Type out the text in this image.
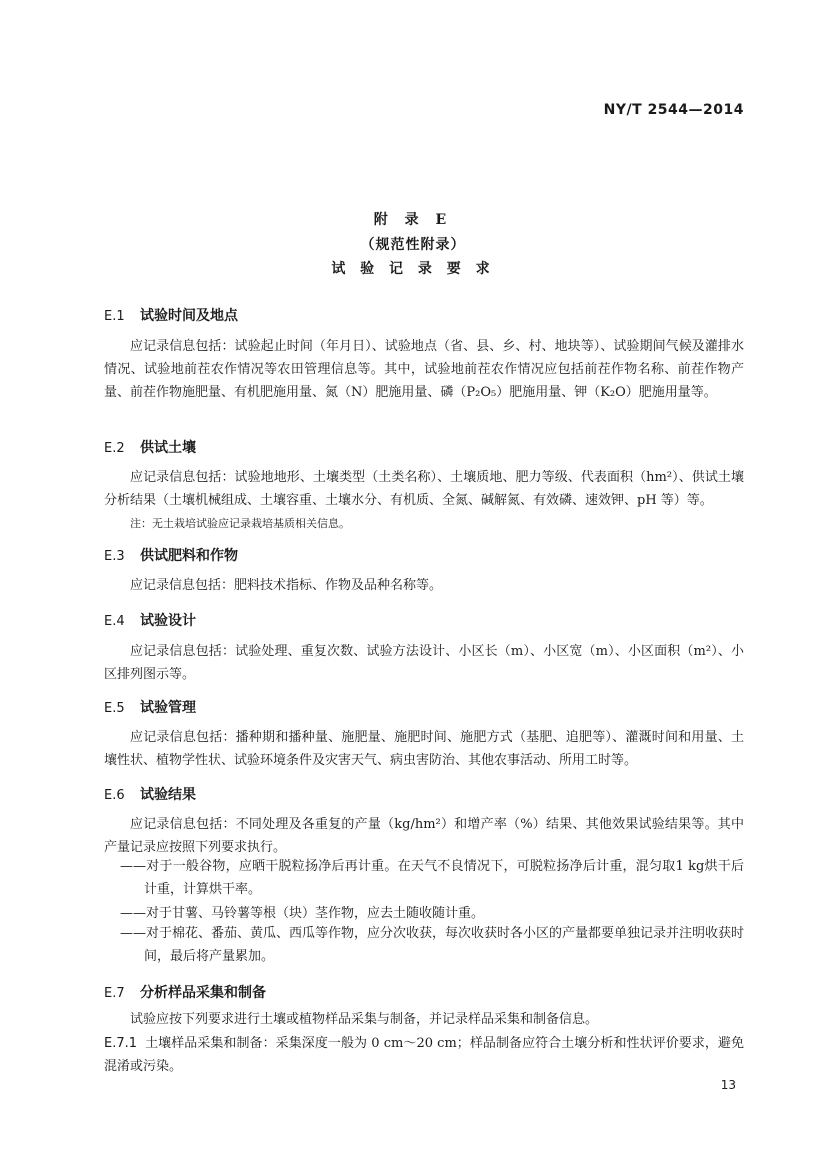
NY/T 2544—2014
附 录 E
（规范性附录）
试 验 记 录 要 求
E.1 试验时间及地点
应记录信息包括：试验起止时间（年月日）、试验地点（省、县、乡、村、地块等）、试验期间气候及灌排水情况、试验地前茬农作情况等农田管理信息等。其中，试验地前茬农作情况应包括前茬作物名称、前茬作物产量、前茬作物施肥量、有机肥施用量、氮（N）肥施用量、磷（P₂O₅）肥施用量、钾（K₂O）肥施用量等。
E.2 供试土壤
应记录信息包括：试验地地形、土壤类型（土类名称）、土壤质地、肥力等级、代表面积（hm²）、供试土壤分析结果（土壤机械组成、土壤容重、土壤水分、有机质、全氮、碱解氮、有效磷、速效钾、pH 等）等。
注：无土栽培试验应记录栽培基质相关信息。
E.3 供试肥料和作物
应记录信息包括：肥料技术指标、作物及品种名称等。
E.4 试验设计
应记录信息包括：试验处理、重复次数、试验方法设计、小区长（m）、小区宽（m）、小区面积（m²）、小区排列图示等。
E.5 试验管理
应记录信息包括：播种期和播种量、施肥量、施肥时间、施肥方式（基肥、追肥等）、灌溉时间和用量、土壤性状、植物学性状、试验环境条件及灾害天气、病虫害防治、其他农事活动、所用工时等。
E.6 试验结果
应记录信息包括：不同处理及各重复的产量（kg/hm²）和增产率（%）结果、其他效果试验结果等。其中产量记录应按照下列要求执行。
——对于一般谷物，应晒干脱粒扬净后再计重。在天气不良情况下，可脱粒扬净后计重，混匀取1 kg烘干后计重，计算烘干率。
——对于甘薯、马铃薯等根（块）茎作物，应去土随收随计重。
——对于棉花、番茄、黄瓜、西瓜等作物，应分次收获，每次收获时各小区的产量都要单独记录并注明收获时间，最后将产量累加。
E.7 分析样品采集和制备
试验应按下列要求进行土壤或植物样品采集与制备，并记录样品采集和制备信息。
E.7.1 土壤样品采集和制备：采集深度一般为 0 cm～20 cm；样品制备应符合土壤分析和性状评价要求，避免混淆或污染。
13
